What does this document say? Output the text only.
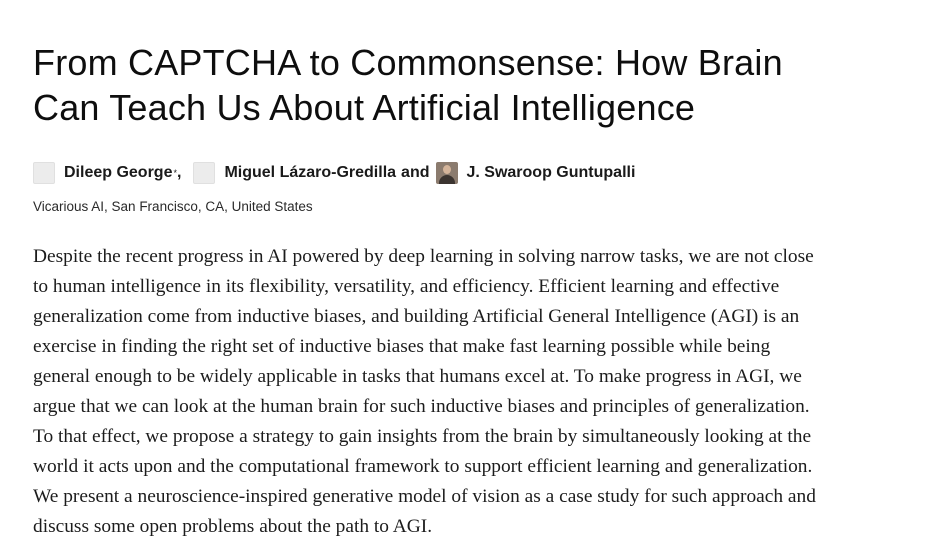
From CAPTCHA to Commonsense: How Brain
Can Teach Us About Artificial Intelligence
Dileep George * ,	Miguel Lázaro-Gredilla and J. Swaroop Guntupalli
Vicarious AI, San Francisco, CA, United States
Despite the recent progress in AI powered by deep learning in solving narrow tasks, we are not close
to human intelligence in its flexibility, versatility, and efficiency. Efficient learning and effective
generalization come from inductive biases, and building Artificial General Intelligence (AGI) is an
exercise in finding the right set of inductive biases that make fast learning possible while being
general enough to be widely applicable in tasks that humans excel at. To make progress in AGI, we
argue that we can look at the human brain for such inductive biases and principles of generalization.
To that effect, we propose a strategy to gain insights from the brain by simultaneously looking at the
world it acts upon and the computational framework to support efficient learning and generalization.
We present a neuroscience-inspired generative model of vision as a case study for such approach and
discuss some open problems about the path to AGI.
